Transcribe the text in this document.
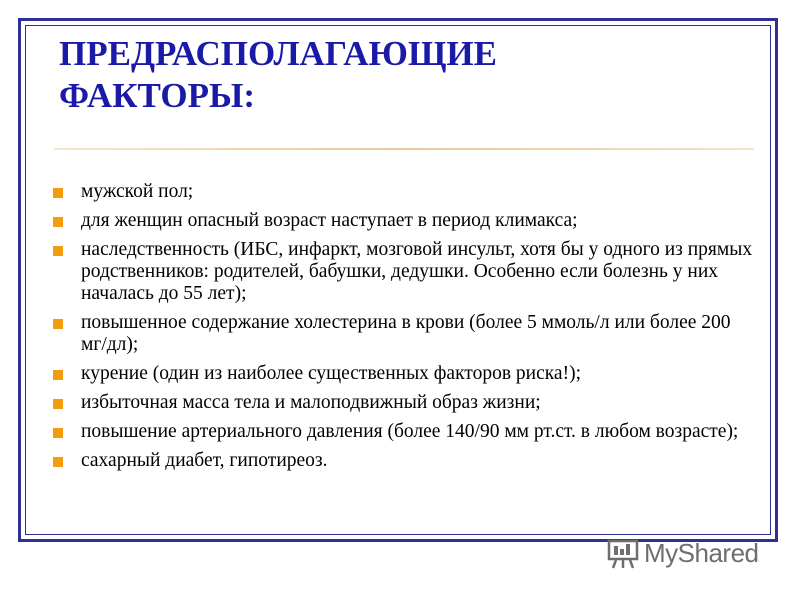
ПРЕДРАСПОЛАГАЮЩИЕ
ФАКТОРЫ:
мужской пол;
для женщин опасный возраст наступает в период климакса;
наследственность (ИБС, инфаркт, мозговой инсульт, хотя бы у одного из прямых родственников: родителей, бабушки, дедушки. Особенно если болезнь у них началась до 55 лет);
повышенное содержание холестерина в крови (более 5 ммоль/л или более 200 мг/дл);
курение (один из наиболее существенных факторов риска!);
избыточная масса тела и малоподвижный образ жизни;
повышение артериального давления (более 140/90 мм рт.ст. в любом возрасте);
сахарный диабет, гипотиреоз.
MyShared
